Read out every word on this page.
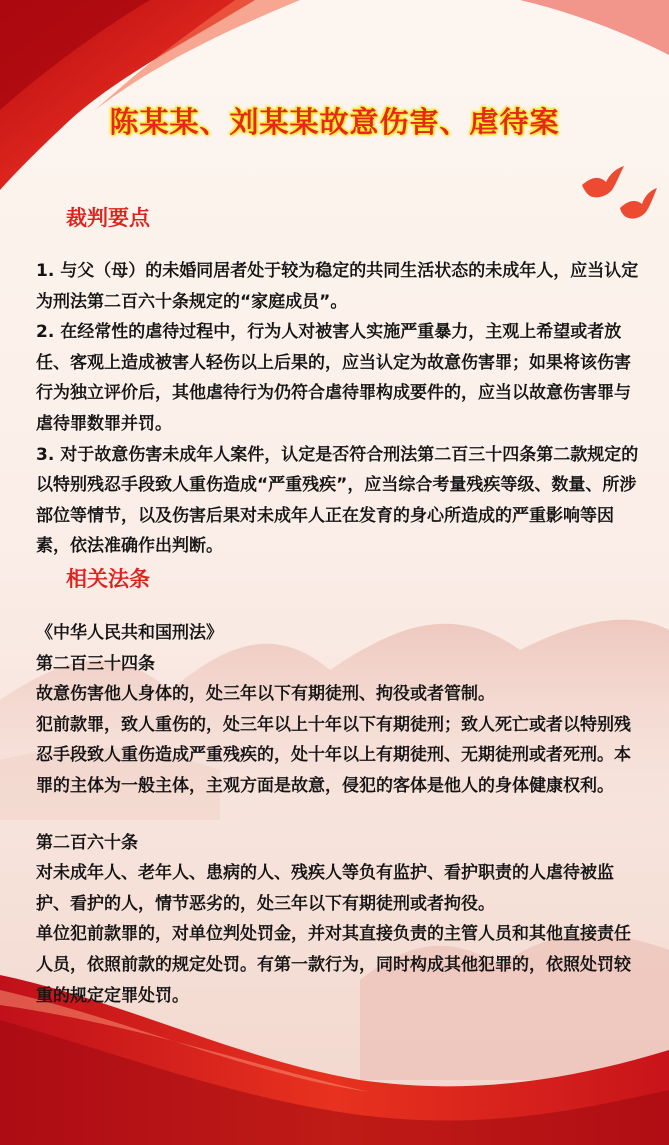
陈某某、刘某某故意伤害、虐待案
裁判要点

1. 与父（母）的未婚同居者处于较为稳定的共同生活状态的未成年人，应当认定为刑法第二百六十条规定的“家庭成员”。

2. 在经常性的虐待过程中，行为人对被害人实施严重暴力，主观上希望或者放任、客观上造成被害人轻伤以上后果的，应当认定为故意伤害罪；如果将该伤害行为独立评价后，其他虐待行为仍符合虐待罪构成要件的，应当以故意伤害罪与虐待罪数罪并罚。

3. 对于故意伤害未成年人案件，认定是否符合刑法第二百三十四条第二款规定的以特别残忍手段致人重伤造成“严重残疾”，应当综合考量残疾等级、数量、所涉部位等情节，以及伤害后果对未成年人正在发育的身心所造成的严重影响等因素，依法准确作出判断。

相关法条

《中华人民共和国刑法》

第二百三十四条

故意伤害他人身体的，处三年以下有期徒刑、拘役或者管制。

犯前款罪，致人重伤的，处三年以上十年以下有期徒刑；致人死亡或者以特别残忍手段致人重伤造成严重残疾的，处十年以上有期徒刑、无期徒刑或者死刑。本罪的主体为一般主体，主观方面是故意，侵犯的客体是他人的身体健康权利。

第二百六十条

对未成年人、老年人、患病的人、残疾人等负有监护、看护职责的人虐待被监护、看护的人，情节恶劣的，处三年以下有期徒刑或者拘役。

单位犯前款罪的，对单位判处罚金，并对其直接负责的主管人员和其他直接责任人员，依照前款的规定处罚。有第一款行为，同时构成其他犯罪的，依照处罚较重的规定定罪处罚。
